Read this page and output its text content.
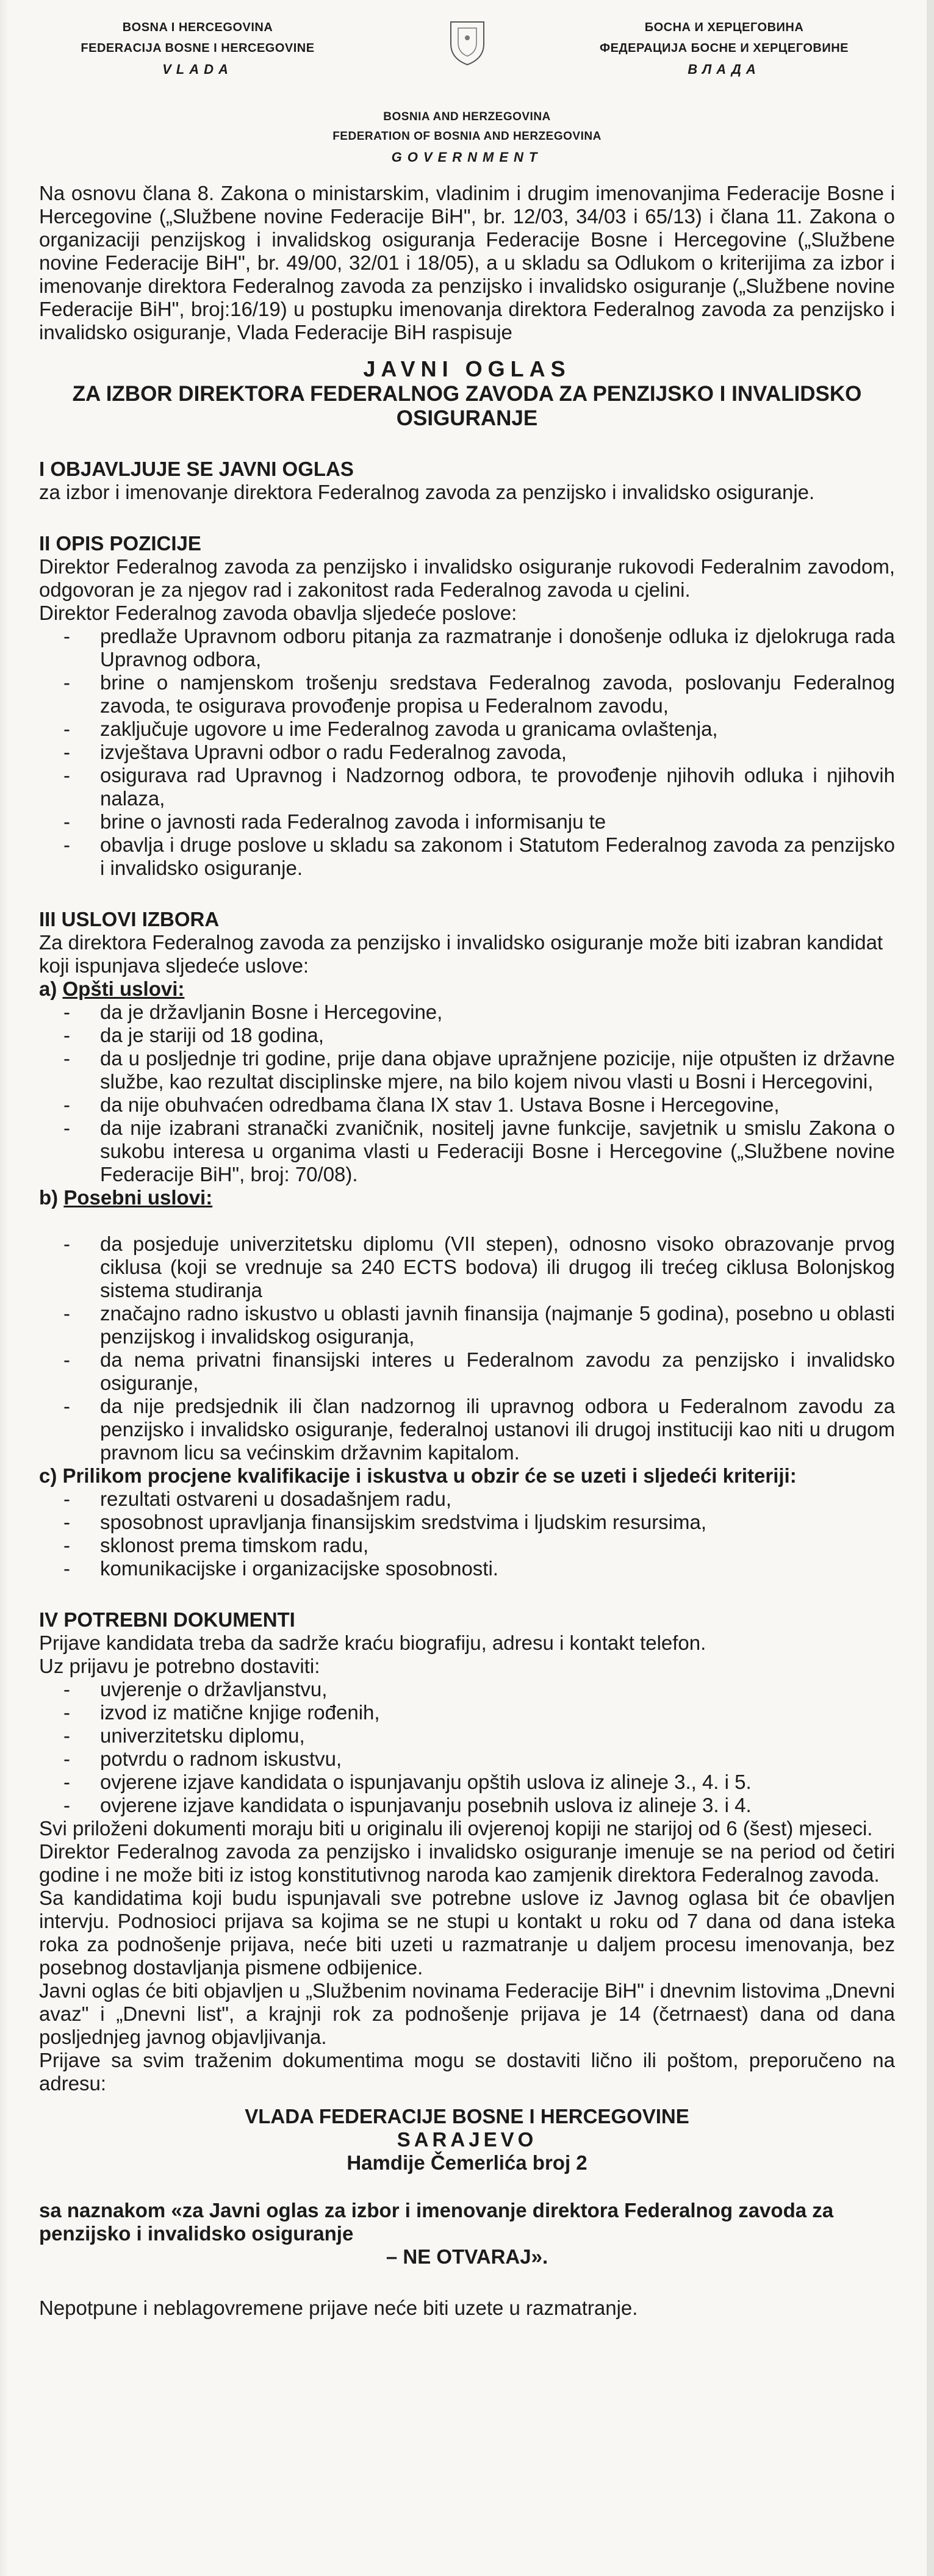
BOSNA I HERCEGOVINA
FEDERACIJA BOSNE I HERCEGOVINE
VLADA
БОСНА И ХЕРЦЕГОВИНА
ФЕДЕРАЦИЈА БОСНЕ И ХЕРЦЕГОВИНЕ
ВЛАДА
BOSNIA AND HERZEGOVINA
FEDERATION OF BOSNIA AND HERZEGOVINA
GOVERNMENT

Na osnovu člana 8. Zakona o ministarskim, vladinim i drugim imenovanjima Federacije Bosne i Hercegovine („Službene novine Federacije BiH", br. 12/03, 34/03 i 65/13) i člana 11. Zakona o organizaciji penzijskog i invalidskog osiguranja Federacije Bosne i Hercegovine („Službene novine Federacije BiH", br. 49/00, 32/01 i 18/05), a u skladu sa Odlukom o kriterijima za izbor i imenovanje direktora Federalnog zavoda za penzijsko i invalidsko osiguranje („Službene novine Federacije BiH", broj:16/19) u postupku imenovanja direktora Federalnog zavoda za penzijsko i invalidsko osiguranje, Vlada Federacije BiH raspisuje

JAVNI OGLAS
ZA IZBOR DIREKTORA FEDERALNOG ZAVODA ZA PENZIJSKO I INVALIDSKO OSIGURANJE

I OBJAVLJUJE SE JAVNI OGLAS

za izbor i imenovanje direktora Federalnog zavoda za penzijsko i invalidsko osiguranje.

II OPIS POZICIJE

Direktor Federalnog zavoda za penzijsko i invalidsko osiguranje rukovodi Federalnim zavodom, odgovoran je za njegov rad i zakonitost rada Federalnog zavoda u cjelini.

Direktor Federalnog zavoda obavlja sljedeće poslove:

- predlaže Upravnom odboru pitanja za razmatranje i donošenje odluka iz djelokruga rada Upravnog odbora,
- brine o namjenskom trošenju sredstava Federalnog zavoda, poslovanju Federalnog zavoda, te osigurava provođenje propisa u Federalnom zavodu,
- zaključuje ugovore u ime Federalnog zavoda u granicama ovlaštenja,
- izvještava Upravni odbor o radu Federalnog zavoda,
- osigurava rad Upravnog i Nadzornog odbora, te provođenje njihovih odluka i njihovih nalaza,
- brine o javnosti rada Federalnog zavoda i informisanju te
- obavlja i druge poslove u skladu sa zakonom i Statutom Federalnog zavoda za penzijsko i invalidsko osiguranje.

III USLOVI IZBORA

Za direktora Federalnog zavoda za penzijsko i invalidsko osiguranje može biti izabran kandidat koji ispunjava sljedeće uslove:

a) Opšti uslovi:

- da je državljanin Bosne i Hercegovine,
- da je stariji od 18 godina,
- da u posljednje tri godine, prije dana objave upražnjene pozicije, nije otpušten iz državne službe, kao rezultat disciplinske mjere, na bilo kojem nivou vlasti u Bosni i Hercegovini,
- da nije obuhvaćen odredbama člana IX stav 1. Ustava Bosne i Hercegovine,
- da nije izabrani stranački zvaničnik, nositelj javne funkcije, savjetnik u smislu Zakona o sukobu interesa u organima vlasti u Federaciji Bosne i Hercegovine („Službene novine Federacije BiH", broj: 70/08).

b) Posebni uslovi:

- da posjeduje univerzitetsku diplomu (VII stepen), odnosno visoko obrazovanje prvog ciklusa (koji se vrednuje sa 240 ECTS bodova) ili drugog ili trećeg ciklusa Bolonjskog sistema studiranja
- značajno radno iskustvo u oblasti javnih finansija (najmanje 5 godina), posebno u oblasti penzijskog i invalidskog osiguranja,
- da nema privatni finansijski interes u Federalnom zavodu za penzijsko i invalidsko osiguranje,
- da nije predsjednik ili član nadzornog ili upravnog odbora u Federalnom zavodu za penzijsko i invalidsko osiguranje, federalnoj ustanovi ili drugoj instituciji kao niti u drugom pravnom licu sa većinskim državnim kapitalom.

c) Prilikom procjene kvalifikacije i iskustva u obzir će se uzeti i sljedeći kriteriji:

- rezultati ostvareni u dosadašnjem radu,
- sposobnost upravljanja finansijskim sredstvima i ljudskim resursima,
- sklonost prema timskom radu,
- komunikacijske i organizacijske sposobnosti.

IV POTREBNI DOKUMENTI

Prijave kandidata treba da sadrže kraću biografiju, adresu i kontakt telefon.

Uz prijavu je potrebno dostaviti:

- uvjerenje o državljanstvu,
- izvod iz matične knjige rođenih,
- univerzitetsku diplomu,
- potvrdu o radnom iskustvu,
- ovjerene izjave kandidata o ispunjavanju opštih uslova iz alineje 3., 4. i 5.
- ovjerene izjave kandidata o ispunjavanju posebnih uslova iz alineje 3. i 4.

Svi priloženi dokumenti moraju biti u originalu ili ovjerenoj kopiji ne starijoj od 6 (šest) mjeseci.

Direktor Federalnog zavoda za penzijsko i invalidsko osiguranje imenuje se na period od četiri godine i ne može biti iz istog konstitutivnog naroda kao zamjenik direktora Federalnog zavoda.

Sa kandidatima koji budu ispunjavali sve potrebne uslove iz Javnog oglasa bit će obavljen intervju. Podnosioci prijava sa kojima se ne stupi u kontakt u roku od 7 dana od dana isteka roka za podnošenje prijava, neće biti uzeti u razmatranje u daljem procesu imenovanja, bez posebnog dostavljanja pismene odbijenice.

Javni oglas će biti objavljen u „Službenim novinama Federacije BiH" i dnevnim listovima „Dnevni avaz" i „Dnevni list", a krajnji rok za podnošenje prijava je 14 (četrnaest) dana od dana posljednjeg javnog objavljivanja.

Prijave sa svim traženim dokumentima mogu se dostaviti lično ili poštom, preporučeno na adresu:

VLADA FEDERACIJE BOSNE I HERCEGOVINE
SARAJEVO
Hamdije Čemerlića broj 2
sa naznakom «za Javni oglas za izbor i imenovanje direktora Federalnog zavoda za penzijsko i invalidsko osiguranje
– NE OTVARAJ».

Nepotpune i neblagovremene prijave neće biti uzete u razmatranje.
